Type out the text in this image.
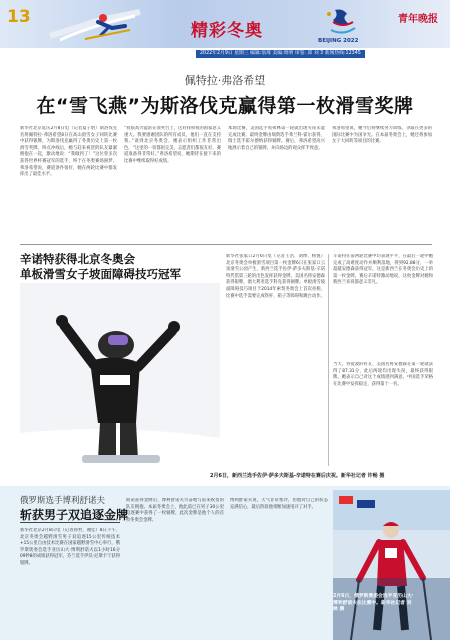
13
精彩冬奥	BEIJING 2022
青年晚报
2022年2月9日 星期三 编辑:翁琦 美编:周明 审签: 邱 刘 3 新闻热线:12345
佩特拉·弗洛希望
在“雪飞燕”为斯洛伐克赢得第一枚滑雪奖牌
新华社北京延庆2月8日电（记者夏子晗）斯洛伐克名将佩特拉·弗洛希望8日在高山滑雪女子回转比赛中获得银牌，为斯洛伐克赢得了冬奥历史上第一枚滑雪奖牌。终点冲线后，她与赶来祝贺的队友紧紧拥抱在一起，激动地说：“我做到了！”这位曾多次获得世界杯赛冠军的选手，终于在冬奥赛场圆梦。弗洛希望说，赛道条件很好，她在两轮比赛中都发挥出了最佳水平。
“我很高兴能站在领奖台上，这对我和我的国家意义重大。我要感谢团队的所有成员，他们一直在支持我。”谈到北京冬奥会，她表示组织工作非常出色，“这里的一切都很完美，志愿者们都很友好，赛道准备得非常好。”弗洛希望说，她期待在接下来的比赛中继续取得好成绩。
本场比赛，美国选手希弗林第一轮就出现失误未能完成比赛。最终金牌由瑞典选手弗兰科·霍尔获得，瑞士选手霍尔德纳获得铜牌。赛后，弗洛希望高兴地展示着自己的银牌，并向场边的观众挥手致意。
弗洛希望说，她今后将继续努力训练，争取在更多的国际比赛中为国争光。在本届冬奥会上，她还将参加女子大回转等项目的比赛。
辛诺特获得北京冬奥会
单板滑雪女子坡面障碍技巧冠军
新华社张家口2月6日电（记者王浩、刘博、杨悦）北京冬奥会单板滑雪项目第一枚金牌6日在张家口云顶滑雪公园产生，新西兰选手佐伊·萨多夫斯基-辛诺特凭借第三轮的出色发挥获得金牌，美国名将安德森获得银牌，澳大利亚选手科克获得铜牌。单板滑雪坡面障碍技巧项目于2014年索契冬奥会上首次亮相，比赛中选手需要完成铁杆、箱子等障碍和跳台动作。
辛诺特在前两轮比赛中均表现平平，在最后一轮中她完成了高难度动作并顺利落地，得到92.88分，一举超越安德森获得冠军。这是新西兰在冬奥会历史上的第一枚金牌。赛后辛诺特激动地说，这枚金牌对她和新西兰来说都意义非凡。
当天，谷爱凌的好友、美国名将安德森在第一轮就获得了87.31分，此后两轮均出现失误，最终获得银牌。她表示自己对这个成绩感到满意。中国选手荣格在比赛中发挥稳定，获得第十一名。
2月6日，新西兰选手佐伊·萨多夫斯基-辛诺特在赛后庆祝。新华社记者 许畅 摄
俄罗斯选手博利舒诺夫
斩获男子双追逐金牌
新华社北京2月8日电（记者孙哲、谢佳）8日下午，北京冬奥会越野滑雪男子双追逐15公里传统技术+15公里自由技术比赛在国家越野滑雪中心举行，俄罗斯奥委会选手亚历山大·博利舒诺夫以1小时16分09秒8的成绩获得冠军，芬兰选手伊沃·尼斯卡宁获得银牌。
斯诺获得金牌后，博利舒诺夫兴奋地与前来祝贺的队友拥抱。本届冬奥会上，他此前已在男子30公里追逐赛中获得了一枚铜牌，此次金牌是他个人的首枚冬奥会金牌。
博利舒诺夫说，天气非常寒冷，但他对自己的状态充满信心，最后阶段他果断加速甩开了对手。
2月6日，俄罗斯奥委会选手亚历山大·博利舒诺夫在比赛中。新华社记者 刘续 摄
